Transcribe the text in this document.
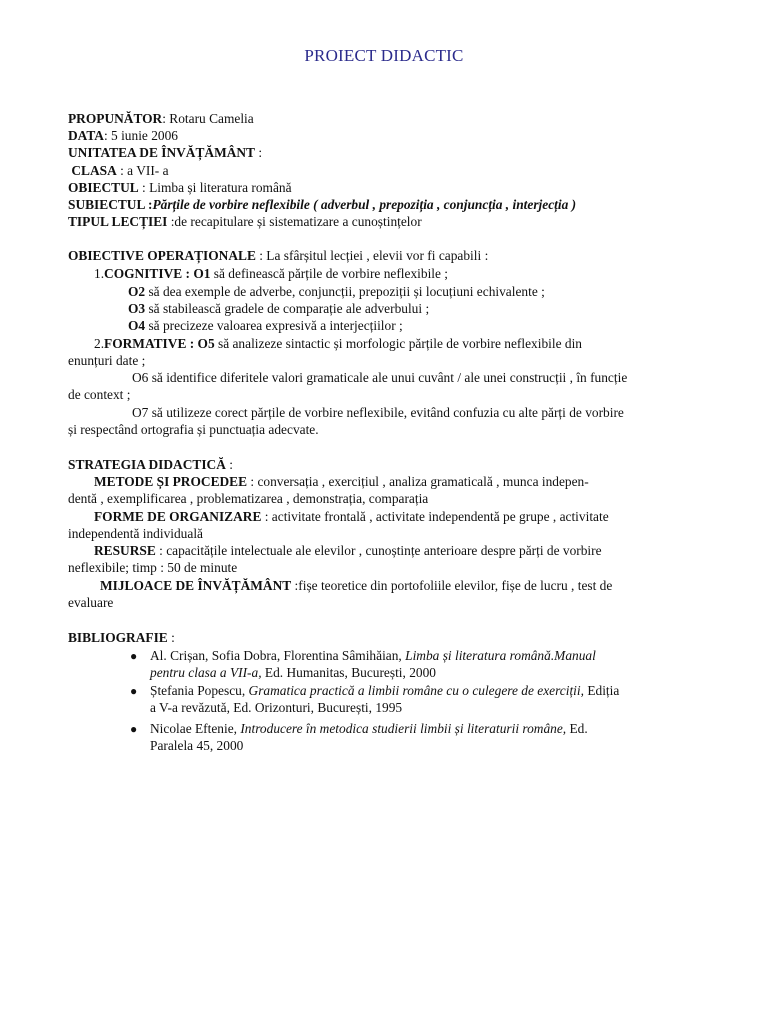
PROIECT DIDACTIC
PROPUNĂTOR: Rotaru Camelia
DATA: 5 iunie 2006
UNITATEA DE ÎNVĂȚĂMÂNT :
CLASA : a VII- a
OBIECTUL : Limba și literatura română
SUBIECTUL :Părțile de vorbire neflexibile ( adverbul , prepoziția , conjuncția , interjecția )
TIPUL LECȚIEI :de recapitulare și sistematizare a cunoștințelor
OBIECTIVE OPERAȚIONALE : La sfârșitul lecției , elevii vor fi capabili :
1.COGNITIVE : O1 să definească părțile de vorbire neflexibile ;
O2 să dea exemple de adverbe, conjuncții, prepoziții și locuțiuni echivalente ;
O3 să stabilească gradele de comparație ale adverbului ;
O4 să precizeze valoarea expresivă a interjecțiilor ;
2.FORMATIVE : O5 să analizeze sintactic și morfologic părțile de vorbire neflexibile din
enunțuri date ;
O6 să identifice diferitele valori gramaticale ale unui cuvânt / ale unei construcții , în funcție
de context ;
O7 să utilizeze corect părțile de vorbire neflexibile, evitând confuzia cu alte părți de vorbire
și respectând ortografia și punctuația adecvate.
STRATEGIA DIDACTICĂ :
METODE ȘI PROCEDEE : conversația , exercițiul , analiza gramaticală , munca indepen-
dentă , exemplificarea , problematizarea , demonstrația, comparația
FORME DE ORGANIZARE : activitate frontală , activitate independentă pe grupe , activitate
independentă individuală
RESURSE : capacitățile intelectuale ale elevilor , cunoștințe anterioare despre părți de vorbire
neflexibile; timp : 50 de minute
MIJLOACE DE ÎNVĂȚĂMÂNT :fișe teoretice din portofoliile elevilor, fișe de lucru , test de
evaluare
BIBLIOGRAFIE :
● Al. Crișan, Sofia Dobra, Florentina Sâmihăian, Limba și literatura română.Manual
pentru clasa a VII-a, Ed. Humanitas, București, 2000
● Ștefania Popescu, Gramatica practică a limbii române cu o culegere de exerciții, Ediția
a V-a revăzută, Ed. Orizonturi, București, 1995
● Nicolae Eftenie, Introducere în metodica studierii limbii și literaturii române, Ed.
Paralela 45, 2000
